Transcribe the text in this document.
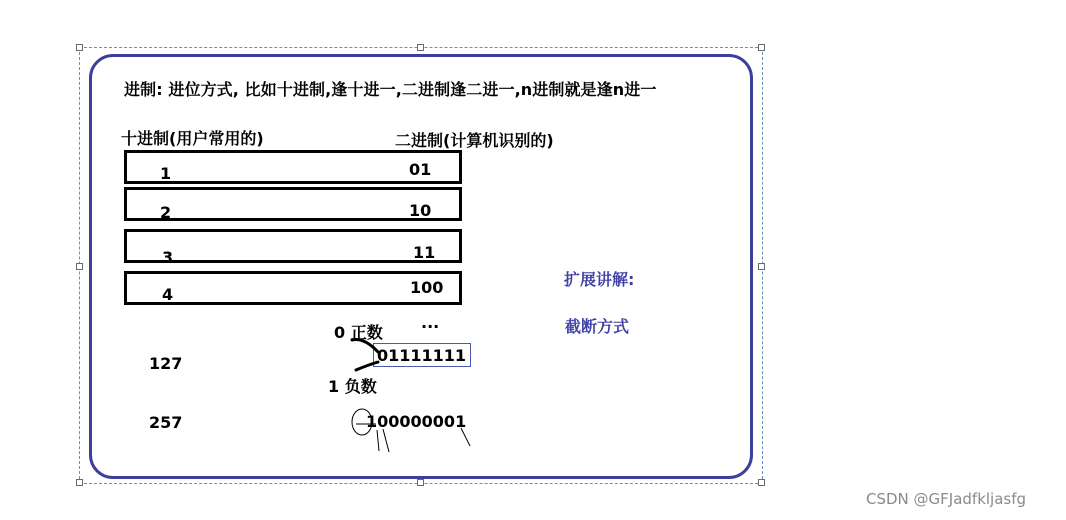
进制: 进位方式, 比如十进制,逢十进一,二进制逢二进一,n进制就是逢n进一
十进制(用户常用的)	二进制(计算机识别的)
1	01
2	10
3	11
4	100
...
0 正数
1 负数
127	01111111
257	100000001
扩展讲解:
截断方式
CSDN @GFJadfkljasfg
